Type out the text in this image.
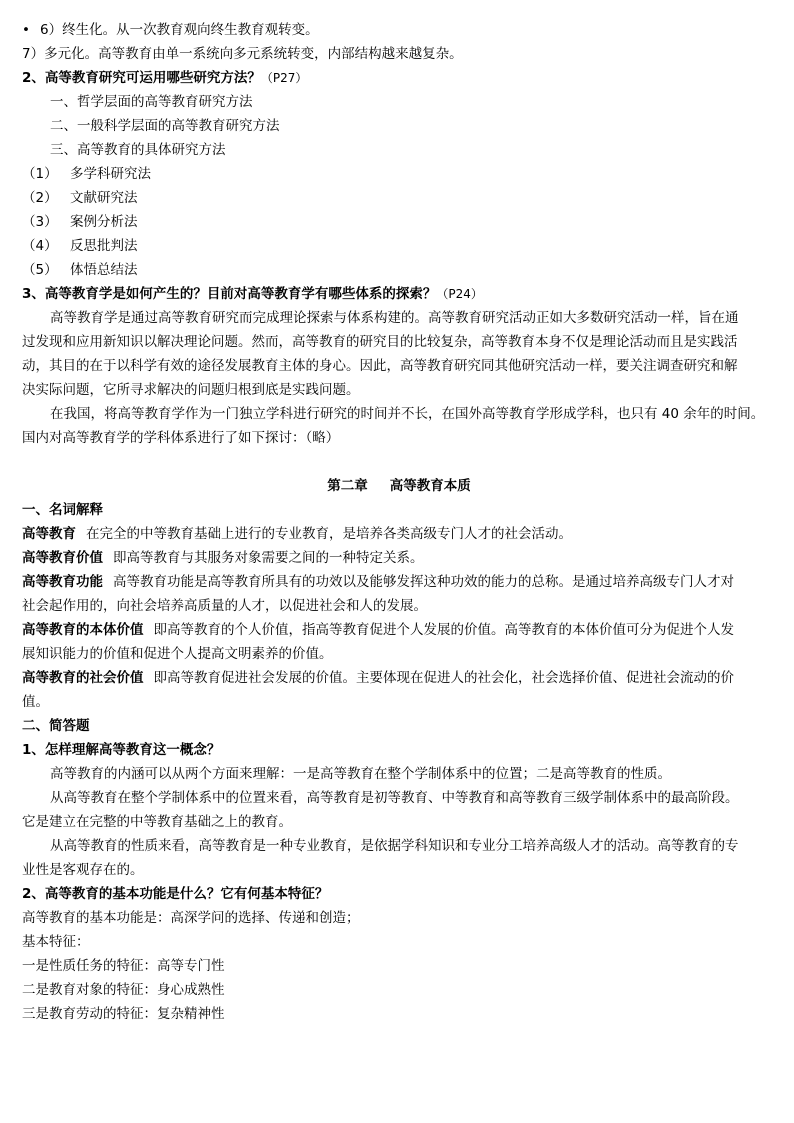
• 6）终生化。从一次教育观向终生教育观转变。
7）多元化。高等教育由单一系统向多元系统转变，内部结构越来越复杂。
2、高等教育研究可运用哪些研究方法？（P27）
一、哲学层面的高等教育研究方法
二、一般科学层面的高等教育研究方法
三、高等教育的具体研究方法
（1） 多学科研究法
（2） 文献研究法
（3） 案例分析法
（4） 反思批判法
（5） 体悟总结法
3、高等教育学是如何产生的？目前对高等教育学有哪些体系的探索？（P24）
高等教育学是通过高等教育研究而完成理论探索与体系构建的。高等教育研究活动正如大多数研究活动一样，旨在通
过发现和应用新知识以解决理论问题。然而，高等教育的研究目的比较复杂，高等教育本身不仅是理论活动而且是实践活
动，其目的在于以科学有效的途径发展教育主体的身心。因此，高等教育研究同其他研究活动一样，要关注调查研究和解
决实际问题，它所寻求解决的问题归根到底是实践问题。
在我国，将高等教育学作为一门独立学科进行研究的时间并不长，在国外高等教育学形成学科，也只有 40 余年的时间。
国内对高等教育学的学科体系进行了如下探讨：（略）
第二章 高等教育本质
一、名词解释
高等教育 在完全的中等教育基础上进行的专业教育，是培养各类高级专门人才的社会活动。
高等教育价值 即高等教育与其服务对象需要之间的一种特定关系。
高等教育功能 高等教育功能是高等教育所具有的功效以及能够发挥这种功效的能力的总称。是通过培养高级专门人才对
社会起作用的，向社会培养高质量的人才，以促进社会和人的发展。
高等教育的本体价值 即高等教育的个人价值，指高等教育促进个人发展的价值。高等教育的本体价值可分为促进个人发
展知识能力的价值和促进个人提高文明素养的价值。
高等教育的社会价值 即高等教育促进社会发展的价值。主要体现在促进人的社会化，社会选择价值、促进社会流动的价
值。
二、简答题
1、怎样理解高等教育这一概念？
高等教育的内涵可以从两个方面来理解：一是高等教育在整个学制体系中的位置；二是高等教育的性质。
从高等教育在整个学制体系中的位置来看，高等教育是初等教育、中等教育和高等教育三级学制体系中的最高阶段。
它是建立在完整的中等教育基础之上的教育。
从高等教育的性质来看，高等教育是一种专业教育，是依据学科知识和专业分工培养高级人才的活动。高等教育的专
业性是客观存在的。
2、高等教育的基本功能是什么？它有何基本特征？
高等教育的基本功能是：高深学问的选择、传递和创造；
基本特征：
一是性质任务的特征：高等专门性
二是教育对象的特征：身心成熟性
三是教育劳动的特征：复杂精神性
